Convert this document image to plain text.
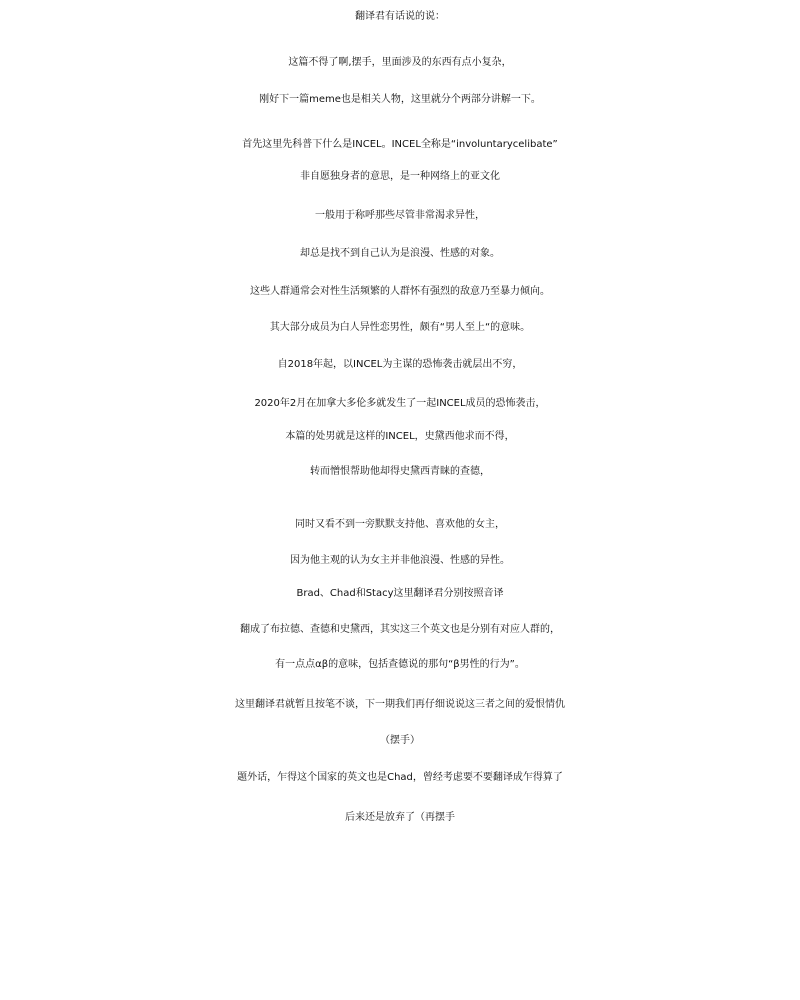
翻译君有话说的说：
这篇不得了啊,摆手，里面涉及的东西有点小复杂，
刚好下一篇meme也是相关人物，这里就分个两部分讲解一下。
首先这里先科普下什么是INCEL。INCEL全称是“involuntarycelibate”
非自愿独身者的意思，是一种网络上的亚文化
一般用于称呼那些尽管非常渴求异性，
却总是找不到自己认为是浪漫、性感的对象。
这些人群通常会对性生活频繁的人群怀有强烈的敌意乃至暴力倾向。
其大部分成员为白人异性恋男性，颇有“男人至上“的意味。
自2018年起，以INCEL为主谋的恐怖袭击就层出不穷，
2020年2月在加拿大多伦多就发生了一起INCEL成员的恐怖袭击，
本篇的处男就是这样的INCEL，史黛西他求而不得，
转而憎恨帮助他却得史黛西青睐的查德，
同时又看不到一旁默默支持他、喜欢他的女主，
因为他主观的认为女主并非他浪漫、性感的异性。
Brad、Chad和Stacy这里翻译君分别按照音译
翻成了布拉德、查德和史黛西，其实这三个英文也是分别有对应人群的，
有一点点αβ的意味，包括查德说的那句“β男性的行为”。
这里翻译君就暂且按笔不谈，下一期我们再仔细说说这三者之间的爱恨情仇
（摆手）
题外话，乍得这个国家的英文也是Chad，曾经考虑要不要翻译成乍得算了
后来还是放弃了（再摆手
